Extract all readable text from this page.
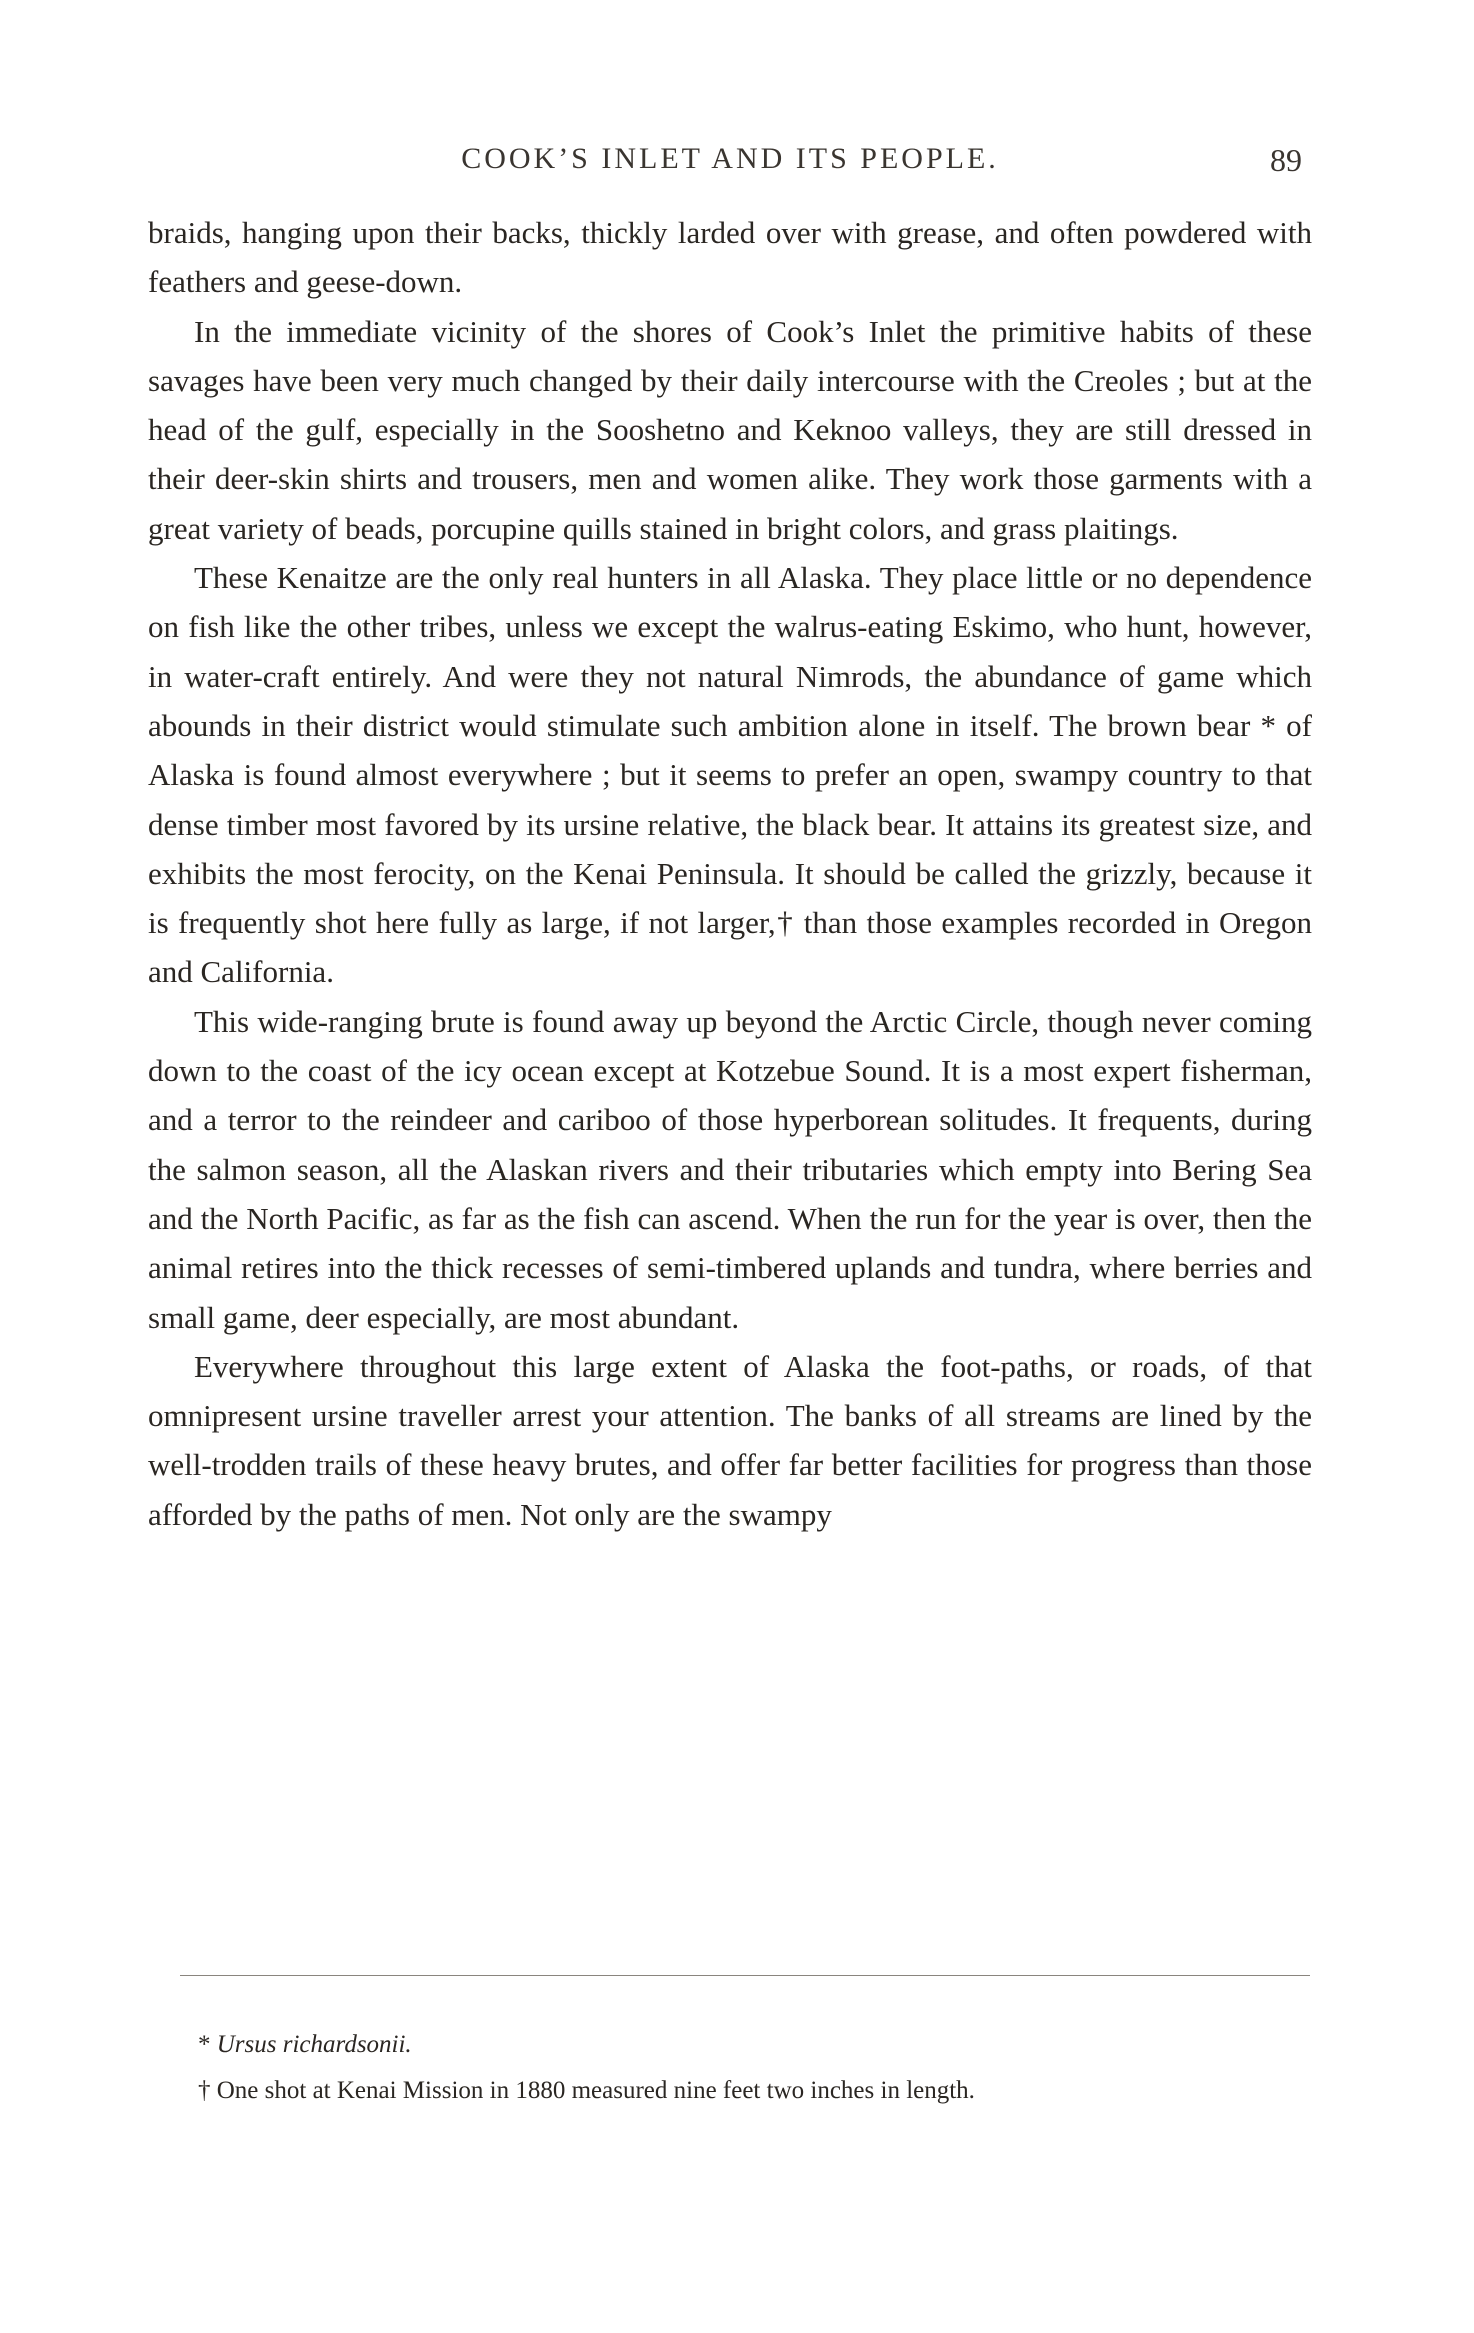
COOK’S INLET AND ITS PEOPLE.	89

braids, hanging upon their backs, thickly larded over with grease, and often powdered with feathers and geese-down.

In the immediate vicinity of the shores of Cook’s Inlet the primitive habits of these savages have been very much changed by their daily intercourse with the Creoles ; but at the head of the gulf, especially in the Sooshetno and Keknoo valleys, they are still dressed in their deer-skin shirts and trousers, men and women alike. They work those garments with a great variety of beads, porcupine quills stained in bright colors, and grass plaitings.

These Kenaitze are the only real hunters in all Alaska. They place little or no dependence on fish like the other tribes, unless we except the walrus-eating Eskimo, who hunt, however, in water-craft entirely. And were they not natural Nimrods, the abundance of game which abounds in their district would stimulate such ambition alone in itself. The brown bear * of Alaska is found almost everywhere ; but it seems to prefer an open, swampy country to that dense timber most favored by its ursine relative, the black bear. It attains its greatest size, and exhibits the most ferocity, on the Kenai Peninsula. It should be called the grizzly, because it is frequently shot here fully as large, if not larger,† than those examples recorded in Oregon and California.

This wide-ranging brute is found away up beyond the Arctic Circle, though never coming down to the coast of the icy ocean except at Kotzebue Sound. It is a most expert fisherman, and a terror to the reindeer and cariboo of those hyperborean solitudes. It frequents, during the salmon season, all the Alaskan rivers and their tributaries which empty into Bering Sea and the North Pacific, as far as the fish can ascend. When the run for the year is over, then the animal retires into the thick recesses of semi-timbered uplands and tundra, where berries and small game, deer especially, are most abundant.

Everywhere throughout this large extent of Alaska the foot-paths, or roads, of that omnipresent ursine traveller arrest your attention. The banks of all streams are lined by the well-trodden trails of these heavy brutes, and offer far better facilities for progress than those afforded by the paths of men. Not only are the swampy

* Ursus richardsonii.

† One shot at Kenai Mission in 1880 measured nine feet two inches in length.
